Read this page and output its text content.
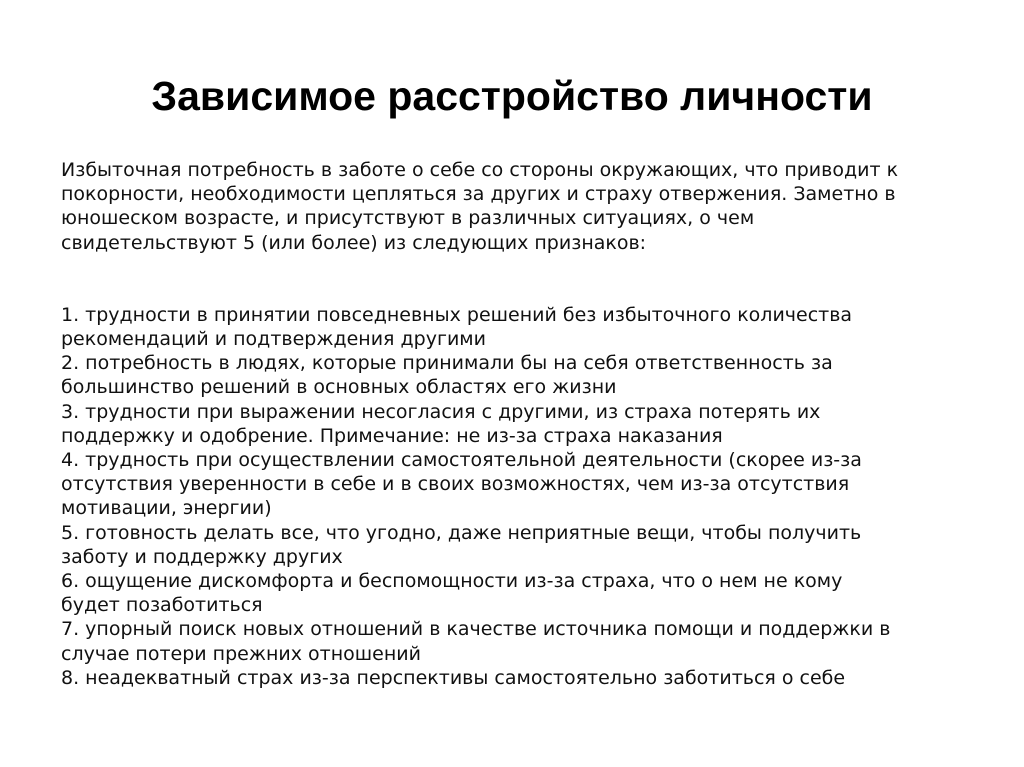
Зависимое расстройство личности
Избыточная потребность в заботе о себе со стороны окружающих, что приводит к
покорности, необходимости цепляться за других и страху отвержения. Заметно в
юношеском возрасте, и присутствуют в различных ситуациях, о чем
свидетельствуют 5 (или более) из следующих признаков:
1. трудности в принятии повседневных решений без избыточного количества
рекомендаций и подтверждения другими
2. потребность в людях, которые принимали бы на себя ответственность за
большинство решений в основных областях его жизни
3. трудности при выражении несогласия с другими, из страха потерять их
поддержку и одобрение. Примечание: не из-за страха наказания
4. трудность при осуществлении самостоятельной деятельности (скорее из-за
отсутствия уверенности в себе и в своих возможностях, чем из-за отсутствия
мотивации, энергии)
5. готовность делать все, что угодно, даже неприятные вещи, чтобы получить
заботу и поддержку других
6. ощущение дискомфорта и беспомощности из-за страха, что о нем не кому
будет позаботиться
7. упорный поиск новых отношений в качестве источника помощи и поддержки в
случае потери прежних отношений
8. неадекватный страх из-за перспективы самостоятельно заботиться о себе
